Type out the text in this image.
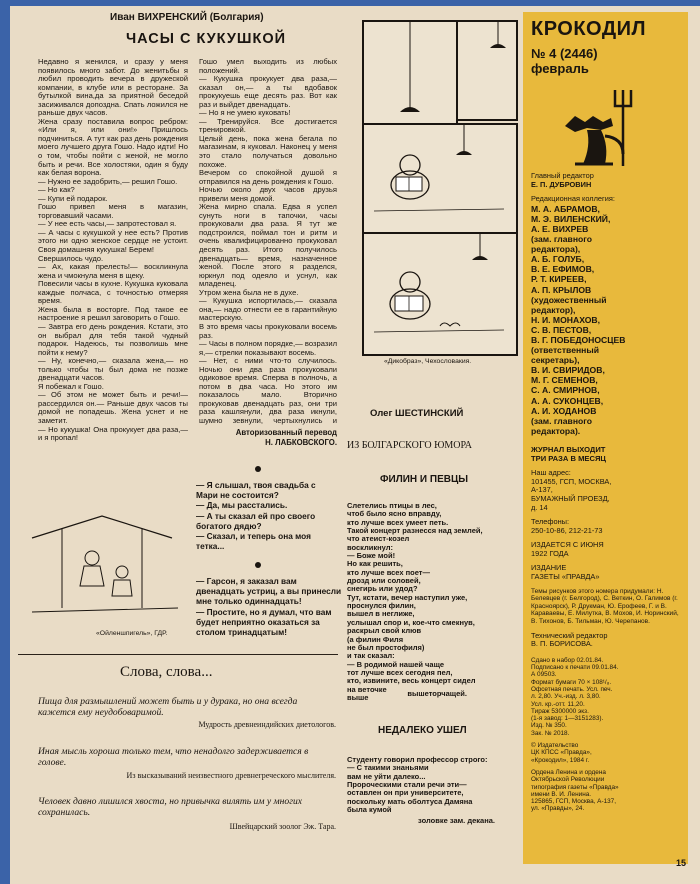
Иван ВИХРЕНСКИЙ (Болгария)
ЧАСЫ С КУКУШКОЙ
Недавно я женился, и сразу у меня появилось много забот. До женитьбы я любил проводить вечера в дружеской компании, в клубе или в ресторане. За бутылкой вина,да за приятной беседой засиживался допоздна. Спать ложился не раньше двух часов.
Жена сразу поставила вопрос ребром: «Или я, или они!» Пришлось подчиниться. А тут как раз день рождения моего лучшего друга Гошо. Надо идти! Но о том, чтобы пойти с женой, не могло быть и речи. Все холостяки, один я буду как белая ворона.
— Нужно ее задобрить,— решил Гошо.
— Но как?
— Купи ей подарок.
Гошо привел меня в магазин, торговавший часами.
— У нее есть часы,— запротестовал я.
— А часы с кукушкой у нее есть? Против этого ни одно женское сердце не устоит. Своя домашняя кукушка! Берем!
Свершилось чудо.
— Ах, какая прелесть!— воскликнула жена и чмокнула меня в щеку.
Повесили часы в кухне. Кукушка куковала каждые полчаса, с точностью отмеряя время.
Жена была в восторге. Под такое ее настроение я решил заговорить о Гошо.
— Завтра его день рождения. Кстати, это он выбрал для тебя такой чудный подарок. Надеюсь, ты позволишь мне пойти к нему?
— Ну, конечно,— сказала жена,— но только чтобы ты был дома не позже двенадцати часов.
Я побежал к Гошо.
— Об этом не может быть и речи!— рассердился он.— Раньше двух часов ты домой не попадешь. Жена уснет и не заметит.
— Но кукушка! Она прокукует два раза,— и я пропал!
Гошо умел выходить из любых положений.
— Кукушка прокукует два раза,— сказал он,— а ты вдобавок прокукуешь еще десять раз. Вот как раз и выйдет двенадцать.
— Но я не умею куковать!
— Тренируйся. Все достигается тренировкой.
Целый день, пока жена бегала по магазинам, я куковал. Наконец у меня это стало получаться довольно похоже.
Вечером со спокойной душой я отправился на день рождения к Гошо.
Ночью около двух часов друзья привели меня домой.
Жена мирно спала. Едва я успел сунуть ноги в тапочки, часы прокуковали два раза. Я тут же подстроился, поймал тон и ритм и очень квалифицированно прокуковал десять раз. Итого получилось двенадцать— время, назначенное женой. После этого я разделся, юркнул под одеяло и уснул, как младенец.
Утром жена была не в духе.
— Кукушка испортилась,— сказала она,— надо отнести ее в гарантийную мастерскую.
В это время часы прокуковали восемь раз.
— Часы в полном порядке,— возразил я,— стрелки показывают восемь.
— Нет, с ними что-то случилось. Ночью они два раза прокуковали одиковое время. Сперва в полночь, а потом в два часа. Но этого им показалось мало. Вторично прокуковав двенадцать раз, они три раза кашлянули, два раза икнули, шумно зевнули, чертыхнулись и

Авторизованный перевод
Н. ЛАБКОВСКОГО.
«Дикобраз», Чехословакия.
«Ойленшпигель», ГДР.
— Я слышал, твоя свадьба с Мари не состоится?
— Да, мы расстались.
— А ты сказал ей про своего богатого дядю?
— Сказал, и теперь она моя тетка...
— Гарсон, я заказал вам двенадцать устриц, а вы принесли мне только одиннадцать!
— Простите, но я думал, что вам будет неприятно оказаться за столом тринадцатым!
Олег ШЕСТИНСКИЙ
ИЗ БОЛГАРСКОГО ЮМОРА
ФИЛИН И ПЕВЦЫ
Слетелись птицы в лес,
чтоб было ясно вправду,
кто лучше всех умеет петь.
Такой концерт разнесся над землей,
что атеист-козел
воскликнул:
— Боже мой!
Но как решить,
кто лучше всех поет—
дрозд или соловей,
снегирь или удод?
Тут, кстати, вечер наступил уже,
проснулся филин,
вышел в неглиже,
услышал спор и, кое-что смекнув,
раскрыл свой клюв
(а филин Филя
не был простофиля)
и так сказал:
— В родимой нашей чаще
тот лучше всех сегодня пел,
кто, извините, весь концерт сидел
на веточке
выше	вышеторчащей.
НЕДАЛЕКО УШЕЛ
Студенту говорил профессор строго:
— С такими знаньями
вам не уйти далеко...
Пророческими стали речи эти—
оставлен он при университете,
поскольку мать оболтуса Дамяна
была кумой
золовке зам. декана.
Слова, слова...
Пища для размышлений может быть и у дурака, но она всегда кажется ему неудобоваримой.
Мудрость древнеиндийских диетологов.
Иная мысль хороша только тем, что ненадолго задерживается в голове.
Из высказываний неизвестного древнегреческого мыслителя.
Человек давно лишился хвоста, но привычка вилять им у многих сохранилась.
Швейцарский зоолог Эж. Тара.
КРОКОДИЛ
№ 4 (2446)
февраль
Главный редактор
Е. П. ДУБРОВИН
Редакционная коллегия:
М. А. АБРАМОВ,
М. Э. ВИЛЕНСКИЙ,
А. Е. ВИХРЕВ
(зам. главного
редактора),
А. Б. ГОЛУБ,
В. Е. ЕФИМОВ,
Р. Т. КИРЕЕВ,
А. П. КРЫЛОВ
(художественный
редактор),
Н. И. МОНАХОВ,
С. В. ПЕСТОВ,
В. Г. ПОБЕДОНОСЦЕВ
(ответственный
секретарь),
В. И. СВИРИДОВ,
М. Г. СЕМЕНОВ,
С. А. СМИРНОВ,
А. А. СУКОНЦЕВ,
А. И. ХОДАНОВ
(зам. главного
редактора).
ЖУРНАЛ ВЫХОДИТ
ТРИ РАЗА В МЕСЯЦ
Наш адрес:
101455, ГСП, МОСКВА,
А-137,
БУМАЖНЫЙ ПРОЕЗД,
д. 14
Телефоны:
250-10-86, 212-21-73
ИЗДАЕТСЯ С ИЮНЯ
1922 ГОДА
ИЗДАНИЕ
ГАЗЕТЫ «ПРАВДА»
Темы рисунков этого номера придумали: Н. Белевцев (г. Белгород), С. Веткин, О. Галимов (г. Красноярск), Р. Друкман, Ю. Ерофеев, Г. и В. Караваевы, Е. Милутка, В. Мохов, И. Норинский, В. Тихонов, Б. Тильман, Ю. Черепанов.
Технический редактор
В. П. БОРИСОВА.
Сдано в набор 02.01.84.
Подписано к печати 09.01.84.
А 09503.
Формат бумаги 70 × 108¹/₈.
Офсетная печать. Усл. печ.
л. 2,80. Уч.-изд. л. 3,80.
Усл. кр.-отт. 11,20.
Тираж 5300000 экз.
(1-я завод: 1—3151283).
Изд. № 350.
Зак. № 2018.
© Издательство
ЦК КПСС «Правда»,
«Крокодил», 1984 г.
Ордена Ленина и ордена
Октябрьской Революции
типография газеты «Правда»
имени В. И. Ленина.
125865, ГСП, Москва, А-137,
ул. «Правды», 24.
15
